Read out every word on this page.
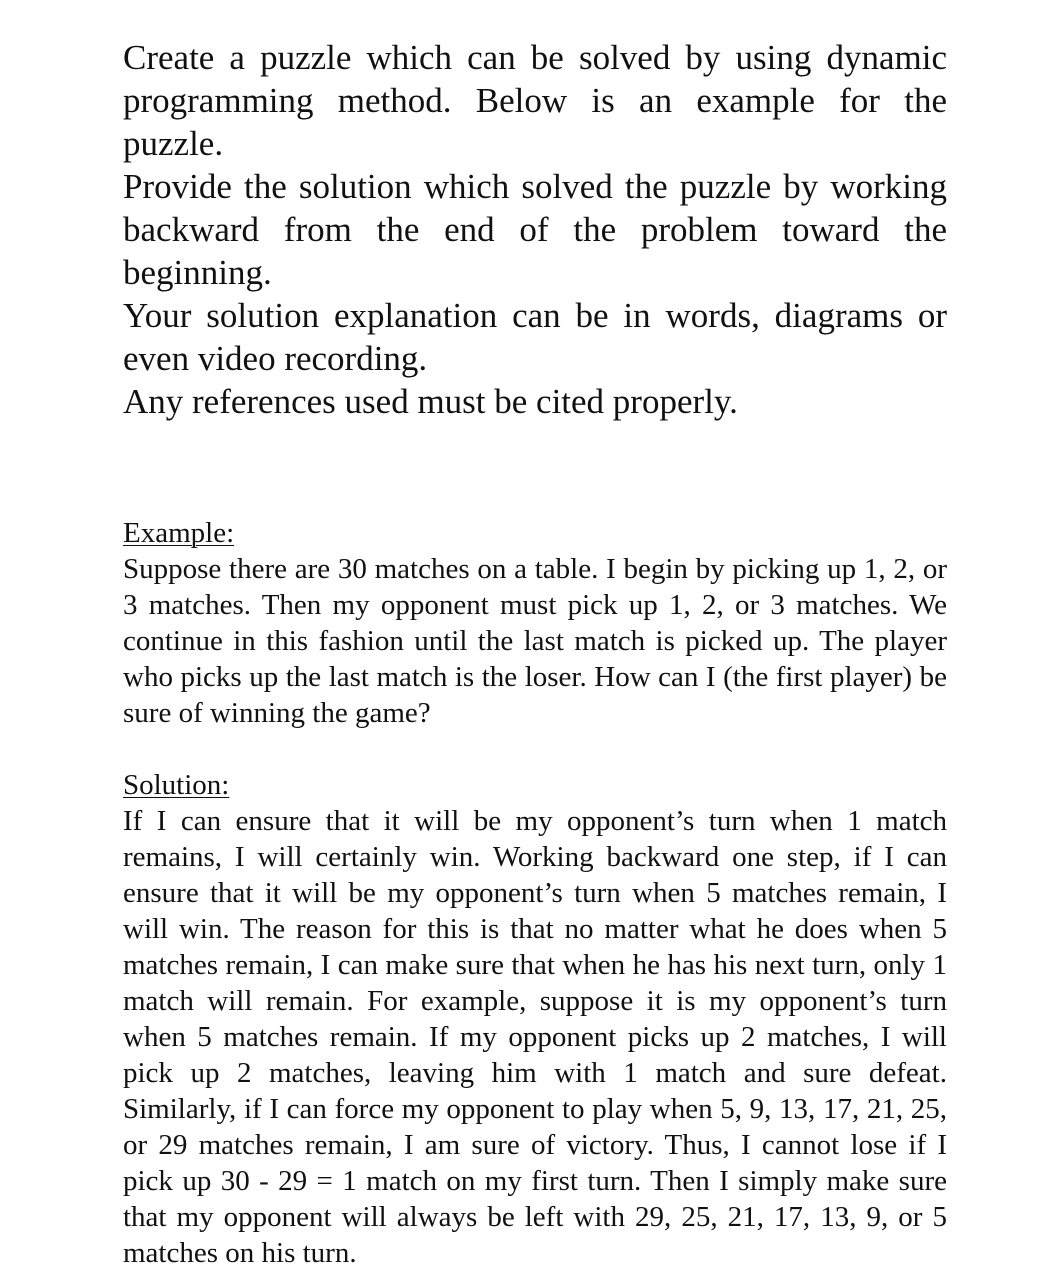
Create a puzzle which can be solved by using dynamic programming method. Below is an example for the puzzle.

Provide the solution which solved the puzzle by working backward from the end of the problem toward the beginning.

Your solution explanation can be in words, diagrams or even video recording.

Any references used must be cited properly.

Example:

Suppose there are 30 matches on a table. I begin by picking up 1, 2, or 3 matches. Then my opponent must pick up 1, 2, or 3 matches. We continue in this fashion until the last match is picked up. The player who picks up the last match is the loser. How can I (the first player) be sure of winning the game?

Solution:

If I can ensure that it will be my opponent’s turn when 1 match remains, I will certainly win. Working backward one step, if I can ensure that it will be my opponent’s turn when 5 matches remain, I will win. The reason for this is that no matter what he does when 5 matches remain, I can make sure that when he has his next turn, only 1 match will remain. For example, suppose it is my opponent’s turn when 5 matches remain. If my opponent picks up 2 matches, I will pick up 2 matches, leaving him with 1 match and sure defeat. Similarly, if I can force my opponent to play when 5, 9, 13, 17, 21, 25, or 29 matches remain, I am sure of victory. Thus, I cannot lose if I pick up 30 - 29 = 1 match on my first turn. Then I simply make sure that my opponent will always be left with 29, 25, 21, 17, 13, 9, or 5 matches on his turn.
